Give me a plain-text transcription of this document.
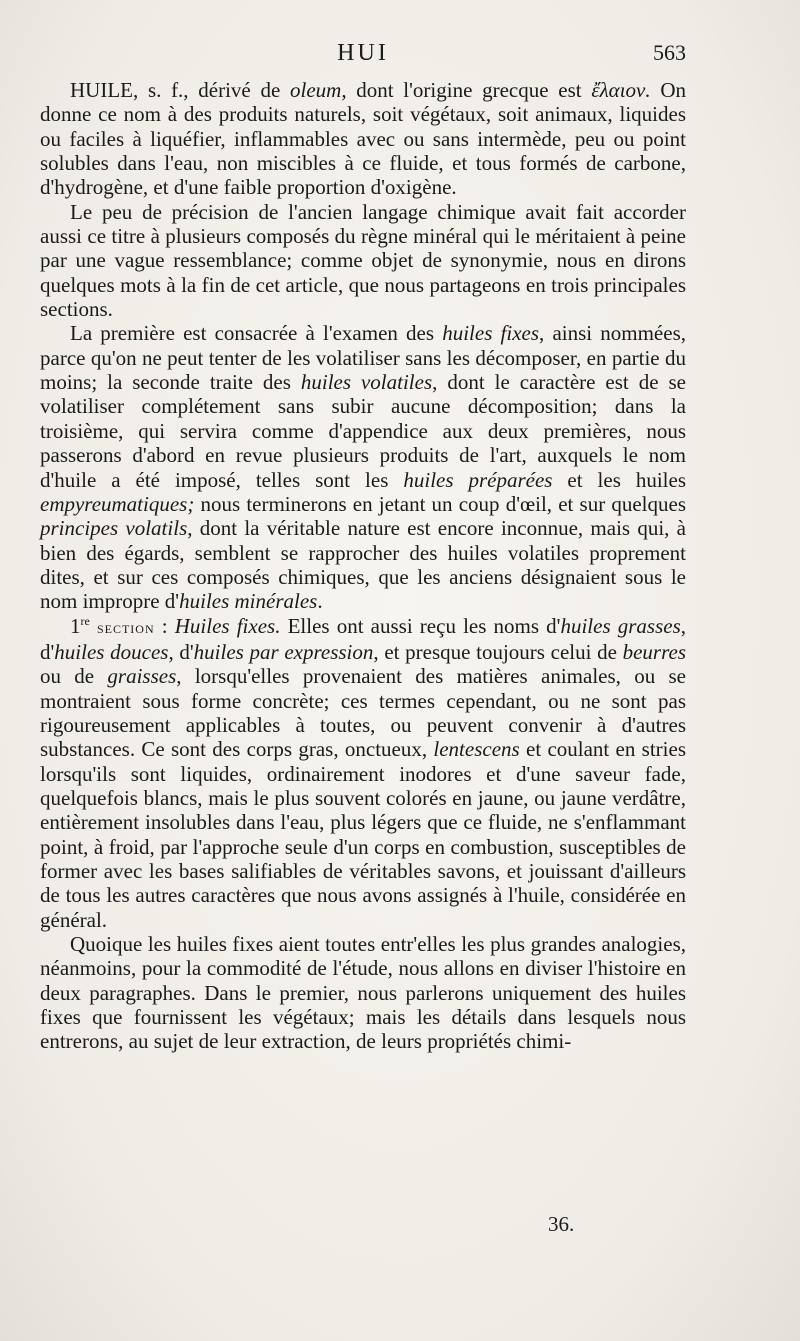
HUI	563

HUILE, s. f., dérivé de oleum, dont l'origine grecque est ἔλαιον. On donne ce nom à des produits naturels, soit végétaux, soit animaux, liquides ou faciles à liquéfier, inflammables avec ou sans intermède, peu ou point solubles dans l'eau, non miscibles à ce fluide, et tous formés de carbone, d'hydrogène, et d'une faible proportion d'oxigène.

Le peu de précision de l'ancien langage chimique avait fait accorder aussi ce titre à plusieurs composés du règne minéral qui le méritaient à peine par une vague ressemblance; comme objet de synonymie, nous en dirons quelques mots à la fin de cet article, que nous partageons en trois principales sections.

La première est consacrée à l'examen des huiles fixes, ainsi nommées, parce qu'on ne peut tenter de les volatiliser sans les décomposer, en partie du moins; la seconde traite des huiles volatiles, dont le caractère est de se volatiliser complétement sans subir aucune décomposition; dans la troisième, qui servira comme d'appendice aux deux premières, nous passerons d'abord en revue plusieurs produits de l'art, auxquels le nom d'huile a été imposé, telles sont les huiles préparées et les huiles empyreumatiques; nous terminerons en jetant un coup d'œil, et sur quelques principes volatils, dont la véritable nature est encore inconnue, mais qui, à bien des égards, semblent se rapprocher des huiles volatiles proprement dites, et sur ces composés chimiques, que les anciens désignaient sous le nom impropre d'huiles minérales.

1re section : Huiles fixes. Elles ont aussi reçu les noms d'huiles grasses, d'huiles douces, d'huiles par expression, et presque toujours celui de beurres ou de graisses, lorsqu'elles provenaient des matières animales, ou se montraient sous forme concrète; ces termes cependant, ou ne sont pas rigoureusement applicables à toutes, ou peuvent convenir à d'autres substances. Ce sont des corps gras, onctueux, lentescens et coulant en stries lorsqu'ils sont liquides, ordinairement inodores et d'une saveur fade, quelquefois blancs, mais le plus souvent colorés en jaune, ou jaune verdâtre, entièrement insolubles dans l'eau, plus légers que ce fluide, ne s'enflammant point, à froid, par l'approche seule d'un corps en combustion, susceptibles de former avec les bases salifiables de véritables savons, et jouissant d'ailleurs de tous les autres caractères que nous avons assignés à l'huile, considérée en général.

Quoique les huiles fixes aient toutes entr'elles les plus grandes analogies, néanmoins, pour la commodité de l'étude, nous allons en diviser l'histoire en deux paragraphes. Dans le premier, nous parlerons uniquement des huiles fixes que fournissent les végétaux; mais les détails dans lesquels nous entrerons, au sujet de leur extraction, de leurs propriétés chimi-

36.
